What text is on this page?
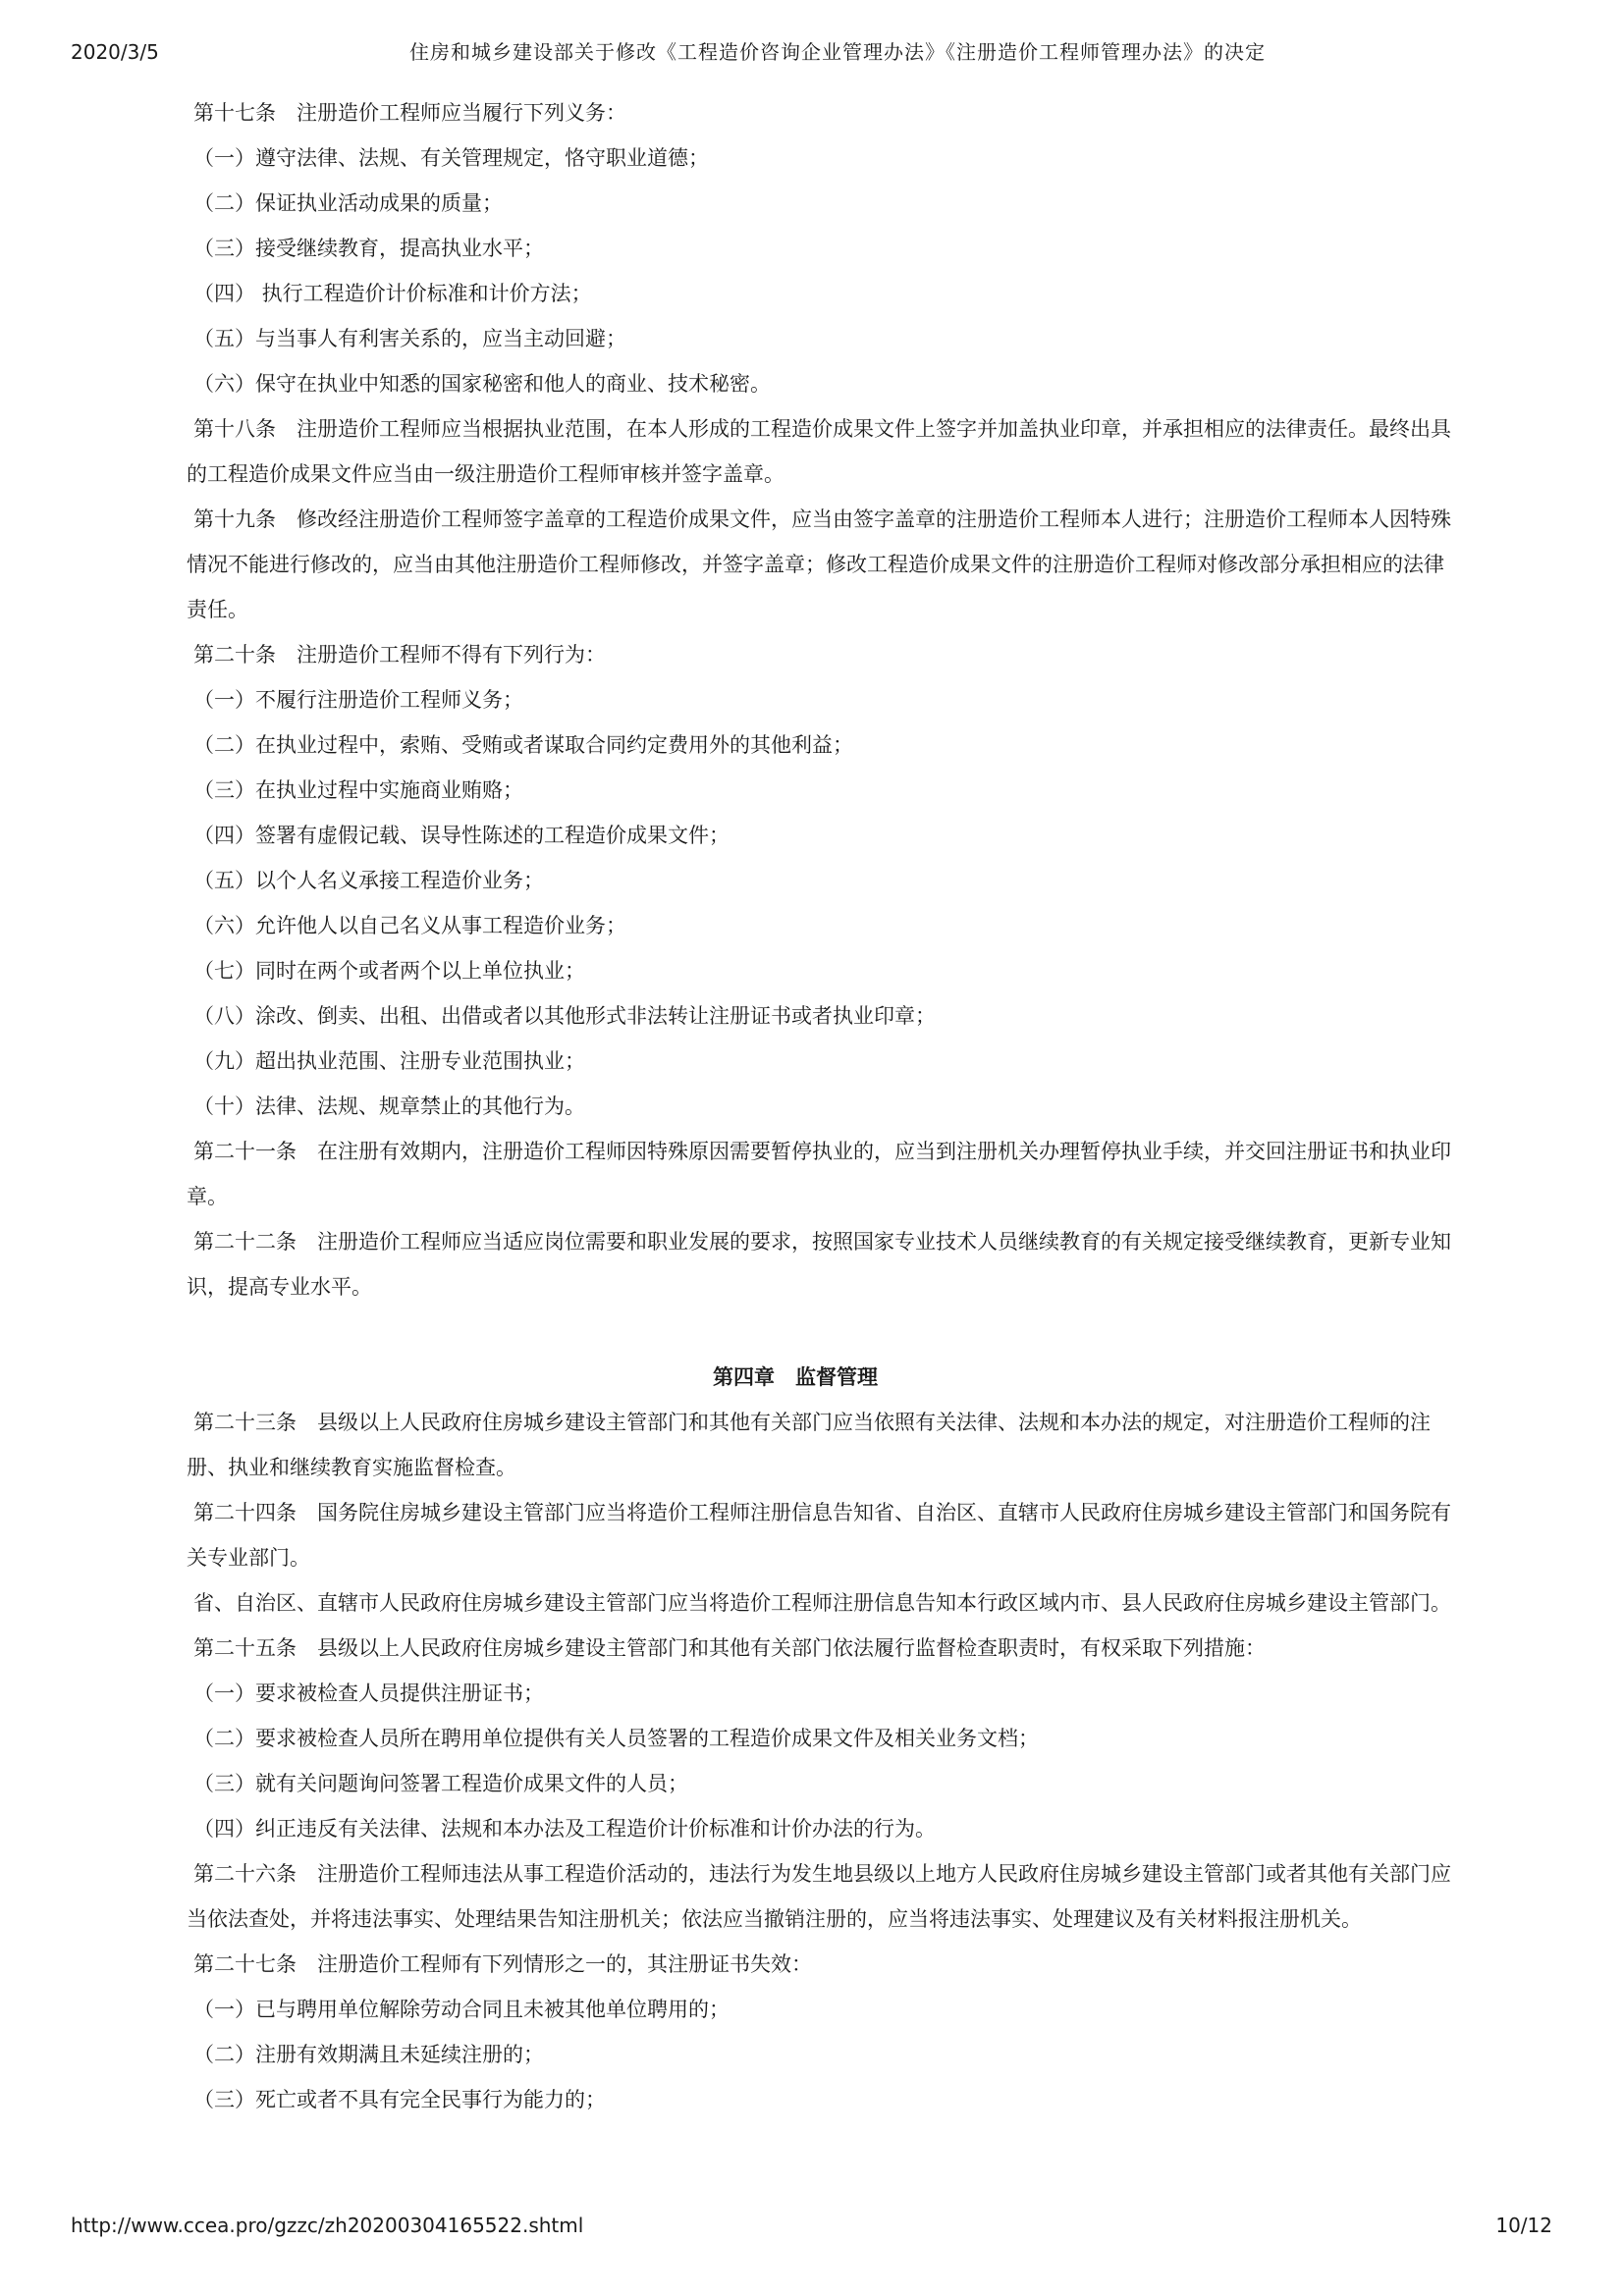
2020/3/5	住房和城乡建设部关于修改《工程造价咨询企业管理办法》《注册造价工程师管理办法》的决定

第十七条　注册造价工程师应当履行下列义务：

（一）遵守法律、法规、有关管理规定，恪守职业道德；

（二）保证执业活动成果的质量；

（三）接受继续教育，提高执业水平；

（四） 执行工程造价计价标准和计价方法；

（五）与当事人有利害关系的，应当主动回避；

（六）保守在执业中知悉的国家秘密和他人的商业、技术秘密。

第十八条　注册造价工程师应当根据执业范围，在本人形成的工程造价成果文件上签字并加盖执业印章，并承担相应的法律责任。最终出具的工程造价成果文件应当由一级注册造价工程师审核并签字盖章。

第十九条　修改经注册造价工程师签字盖章的工程造价成果文件，应当由签字盖章的注册造价工程师本人进行；注册造价工程师本人因特殊情况不能进行修改的，应当由其他注册造价工程师修改，并签字盖章；修改工程造价成果文件的注册造价工程师对修改部分承担相应的法律责任。

第二十条　注册造价工程师不得有下列行为：

（一）不履行注册造价工程师义务；

（二）在执业过程中，索贿、受贿或者谋取合同约定费用外的其他利益；

（三）在执业过程中实施商业贿赂；

（四）签署有虚假记载、误导性陈述的工程造价成果文件；

（五）以个人名义承接工程造价业务；

（六）允许他人以自己名义从事工程造价业务；

（七）同时在两个或者两个以上单位执业；

（八）涂改、倒卖、出租、出借或者以其他形式非法转让注册证书或者执业印章；

（九）超出执业范围、注册专业范围执业；

（十）法律、法规、规章禁止的其他行为。

第二十一条　在注册有效期内，注册造价工程师因特殊原因需要暂停执业的，应当到注册机关办理暂停执业手续，并交回注册证书和执业印章。

第二十二条　注册造价工程师应当适应岗位需要和职业发展的要求，按照国家专业技术人员继续教育的有关规定接受继续教育，更新专业知识，提高专业水平。

第四章　监督管理

第二十三条　县级以上人民政府住房城乡建设主管部门和其他有关部门应当依照有关法律、法规和本办法的规定，对注册造价工程师的注册、执业和继续教育实施监督检查。

第二十四条　国务院住房城乡建设主管部门应当将造价工程师注册信息告知省、自治区、直辖市人民政府住房城乡建设主管部门和国务院有关专业部门。

省、自治区、直辖市人民政府住房城乡建设主管部门应当将造价工程师注册信息告知本行政区域内市、县人民政府住房城乡建设主管部门。

第二十五条　县级以上人民政府住房城乡建设主管部门和其他有关部门依法履行监督检查职责时，有权采取下列措施：

（一）要求被检查人员提供注册证书；

（二）要求被检查人员所在聘用单位提供有关人员签署的工程造价成果文件及相关业务文档；

（三）就有关问题询问签署工程造价成果文件的人员；

（四）纠正违反有关法律、法规和本办法及工程造价计价标准和计价办法的行为。

第二十六条　注册造价工程师违法从事工程造价活动的，违法行为发生地县级以上地方人民政府住房城乡建设主管部门或者其他有关部门应当依法查处，并将违法事实、处理结果告知注册机关；依法应当撤销注册的，应当将违法事实、处理建议及有关材料报注册机关。

第二十七条　注册造价工程师有下列情形之一的，其注册证书失效：

（一）已与聘用单位解除劳动合同且未被其他单位聘用的；

（二）注册有效期满且未延续注册的；

（三）死亡或者不具有完全民事行为能力的；

http://www.ccea.pro/gzzc/zh20200304165522.shtml	10/12
